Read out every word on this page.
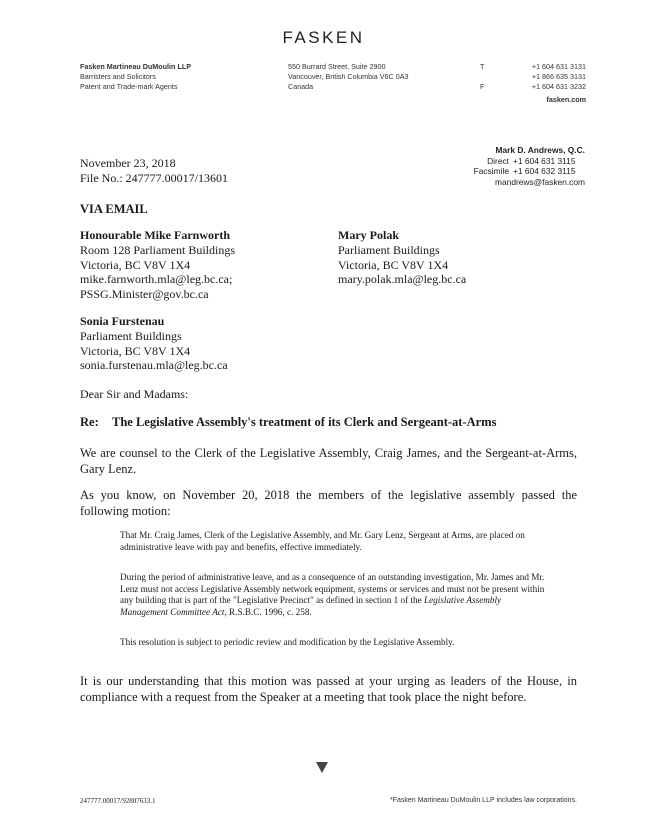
FASKEN
Fasken Martineau DuMoulin LLP
Barristers and Solicitors
Patent and Trade-mark Agents
550 Burrard Street, Suite 2900
Vancouver, British Columbia V6C 0A3
Canada
T	+1 604 631 3131
+1 866 635 3131
F	+1 604 631 3232
fasken.com
Mark D. Andrews, Q.C.
Direct +1 604 631 3115
Facsimile +1 604 632 3115
mandrews@fasken.com
November 23, 2018
File No.: 247777.00017/13601
VIA EMAIL
Honourable Mike Farnworth
Room 128 Parliament Buildings
Victoria, BC V8V 1X4
mike.farnworth.mla@leg.bc.ca;
PSSG.Minister@gov.bc.ca
Mary Polak
Parliament Buildings
Victoria, BC V8V 1X4
mary.polak.mla@leg.bc.ca
Sonia Furstenau
Parliament Buildings
Victoria, BC V8V 1X4
sonia.furstenau.mla@leg.bc.ca
Dear Sir and Madams:
Re: The Legislative Assembly's treatment of its Clerk and Sergeant-at-Arms
We are counsel to the Clerk of the Legislative Assembly, Craig James, and the Sergeant-at-Arms, Gary Lenz.
As you know, on November 20, 2018 the members of the legislative assembly passed the following motion:
That Mr. Craig James, Clerk of the Legislative Assembly, and Mr. Gary Lenz, Sergeant at Arms, are placed on administrative leave with pay and benefits, effective immediately.
During the period of administrative leave, and as a consequence of an outstanding investigation, Mr. James and Mr. Lenz must not access Legislative Assembly network equipment, systems or services and must not be present within any building that is part of the "Legislative Precinct" as defined in section 1 of the Legislative Assembly Management Committee Act, R.S.B.C. 1996, c. 258.
This resolution is subject to periodic review and modification by the Legislative Assembly.
It is our understanding that this motion was passed at your urging as leaders of the House, in compliance with a request from the Speaker at a meeting that took place the night before.
247777.00017/92807633.1	*Fasken Martineau DuMoulin LLP includes law corporations.
